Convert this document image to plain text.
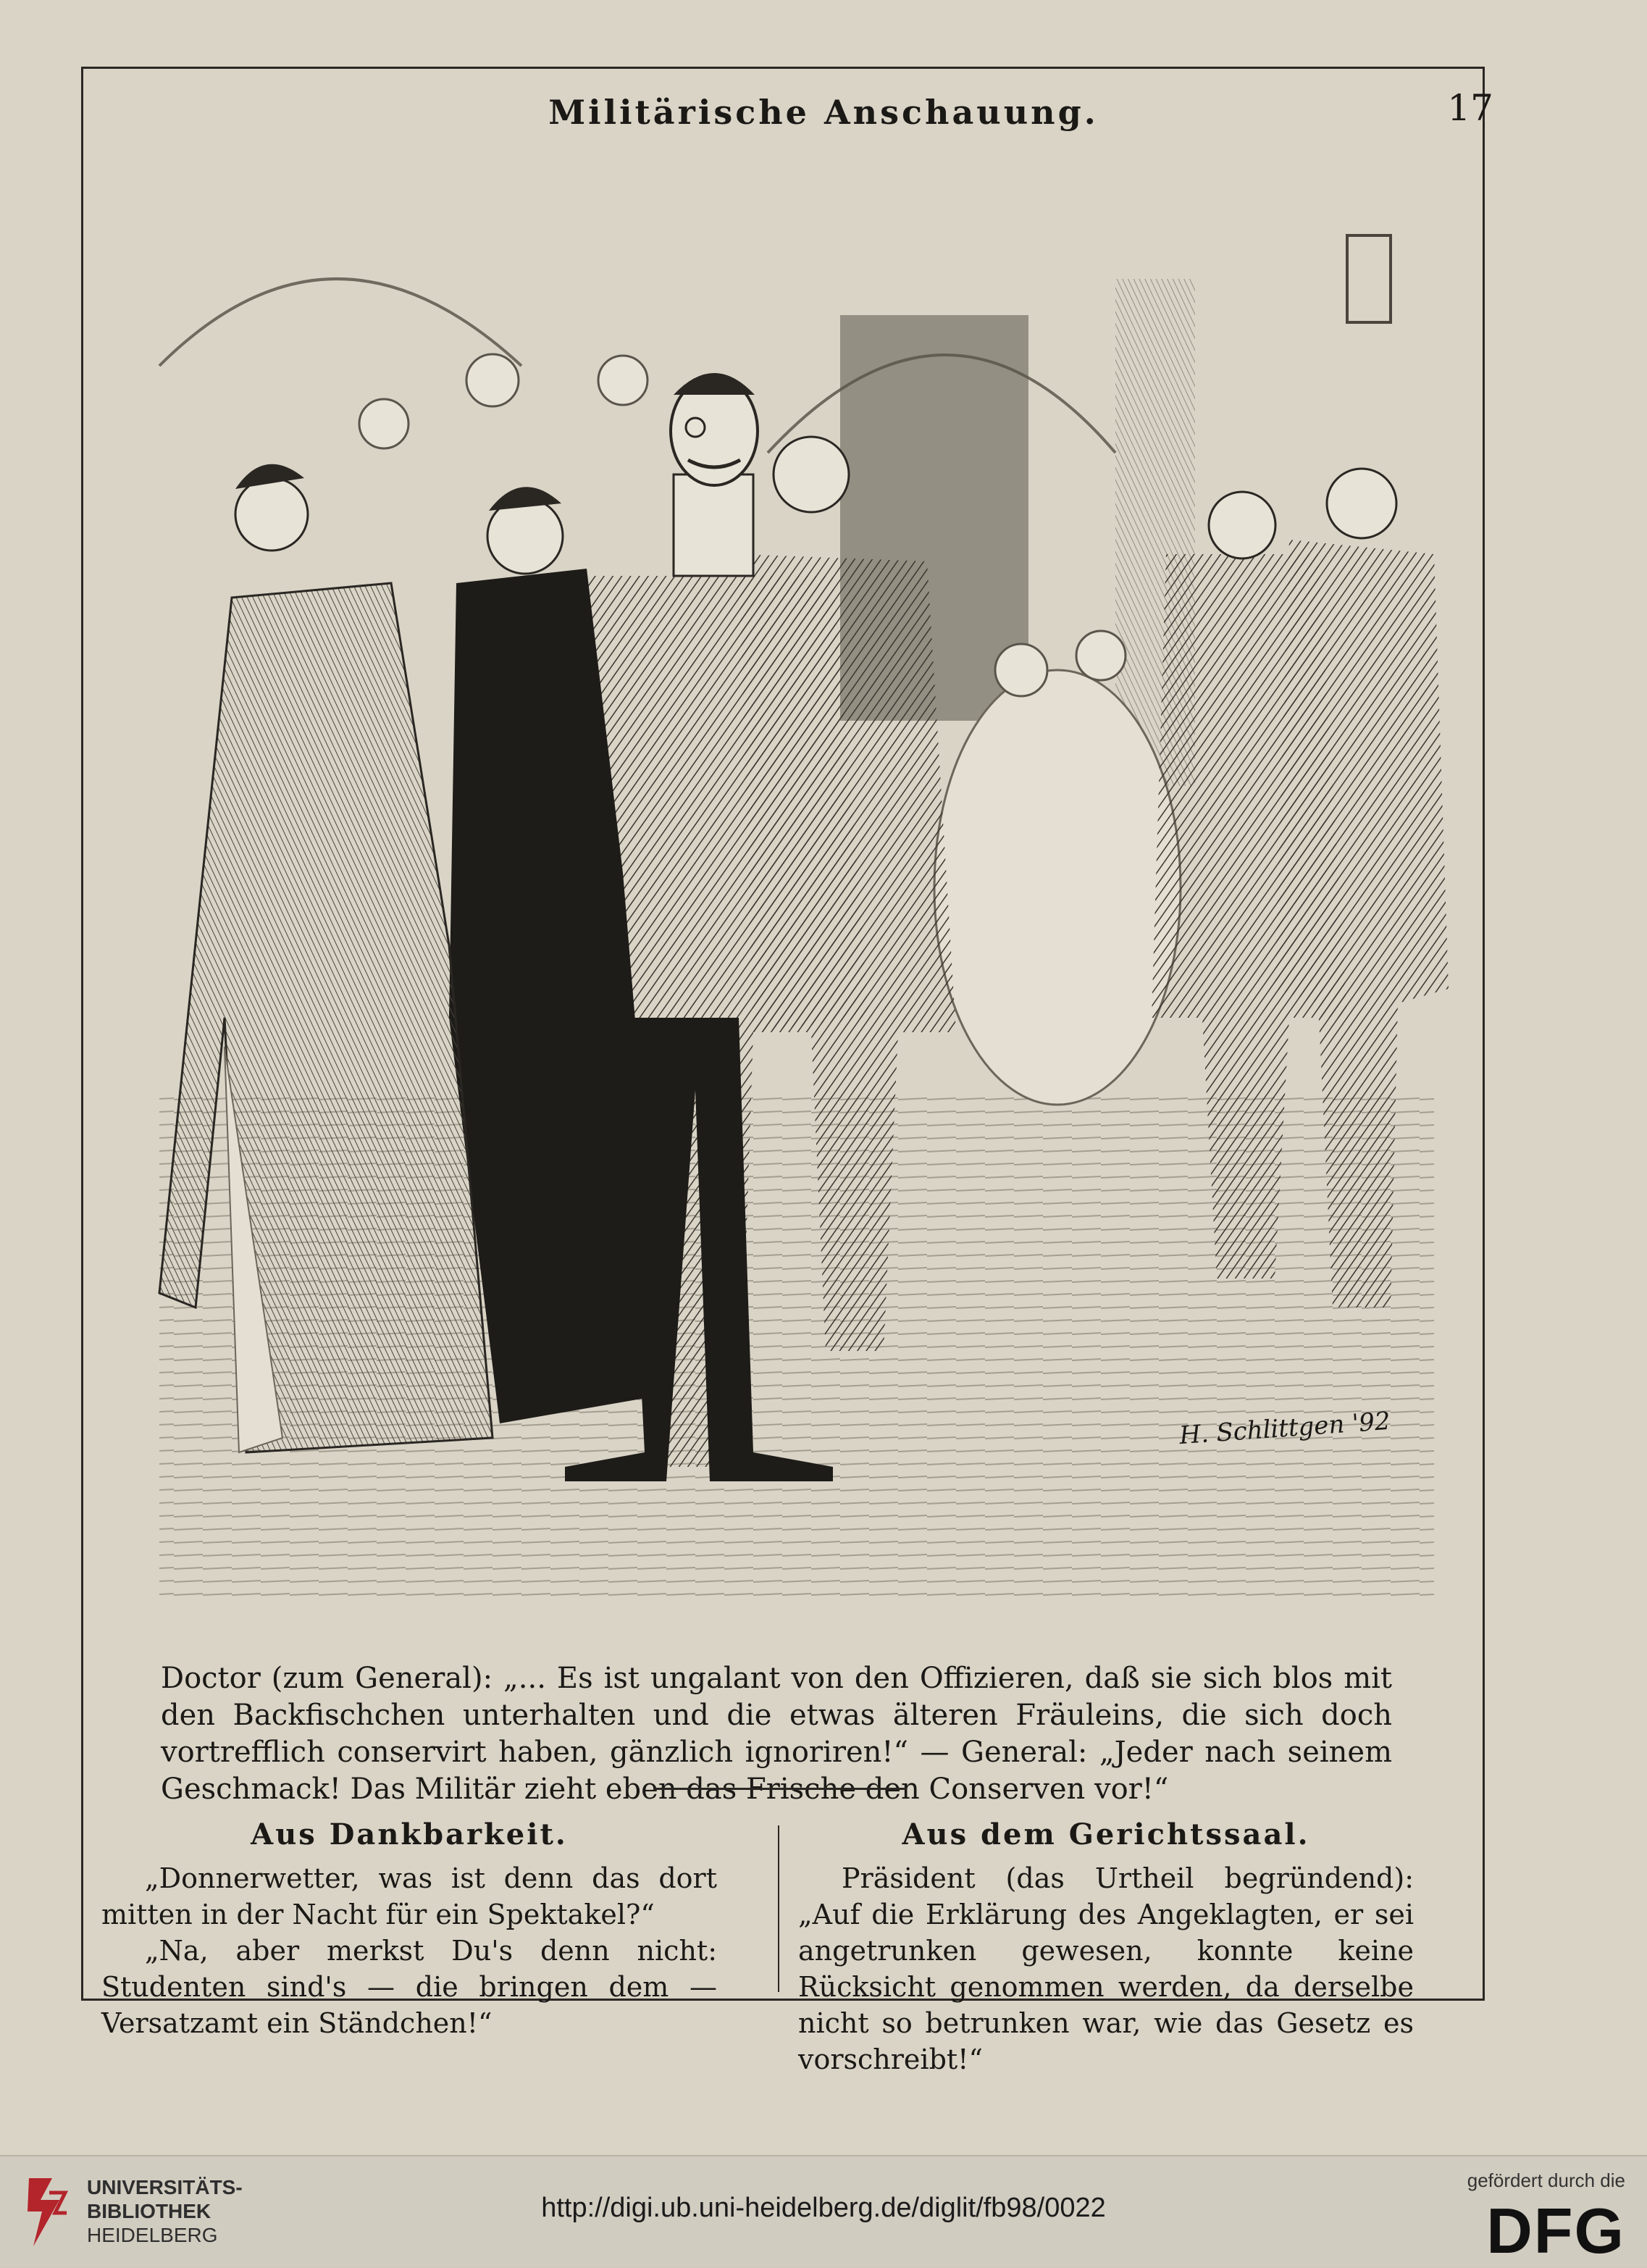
Militärische Anschauung.	17
H. Schlittgen '92
Doctor (zum General): „... Es ist ungalant von den Offizieren, daß sie sich blos mit den Backfischchen unterhalten und die etwas älteren Fräuleins, die sich doch vortrefflich conservirt haben, gänzlich ignoriren!“ — General: „Jeder nach seinem Geschmack! Das Militär zieht eben das Frische den Conserven vor!“
Aus Dankbarkeit.

„Donnerwetter, was ist denn das dort mitten in der Nacht für ein Spektakel?“

„Na, aber merkst Du's denn nicht: Studenten sind's — die bringen dem — Versatzamt ein Ständchen!“

Aus dem Gerichtssaal.

Präsident (das Urtheil begründend): „Auf die Erklärung des Angeklagten, er sei angetrunken gewesen, konnte keine Rücksicht genommen werden, da derselbe nicht so betrunken war, wie das Gesetz es vorschreibt!“

UNIVERSITÄTS-
BIBLIOTHEK
HEIDELBERG
http://digi.ub.uni-heidelberg.de/diglit/fb98/0022
gefördert durch die
DFG
